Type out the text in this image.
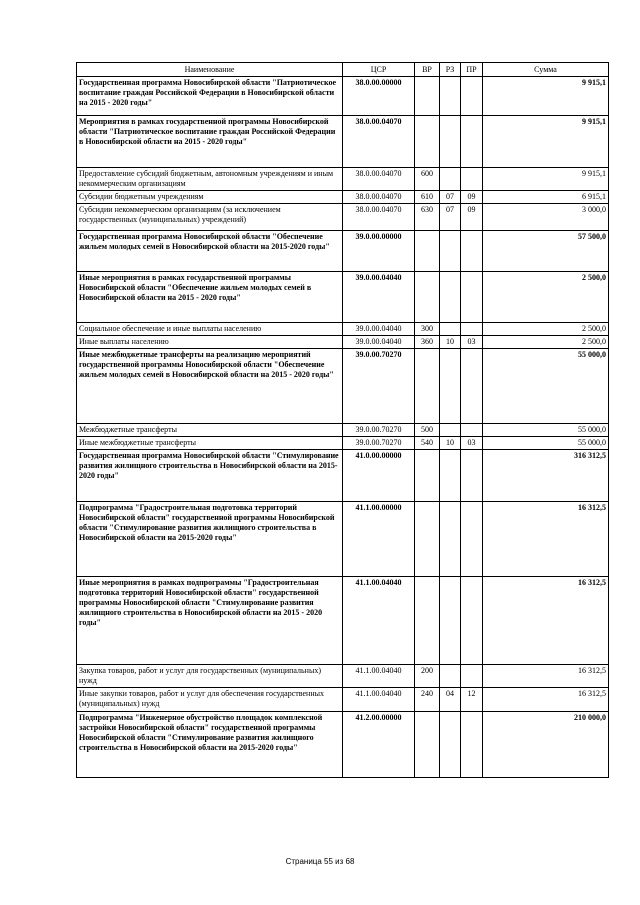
Наименование	ЦСР	ВР	РЗ	ПР	Сумма
Государственная программа Новосибирской области "Патриотическое воспитание граждан Российской Федерации в Новосибирской области на 2015 - 2020 годы"	38.0.00.00000				9 915,1
Мероприятия в рамках государственной программы Новосибирской области "Патриотическое воспитание граждан Российской Федерации в Новосибирской области на 2015 - 2020 годы"	38.0.00.04070				9 915,1
Предоставление субсидий бюджетным, автономным учреждениям и иным некоммерческим организациям	38.0.00.04070	600			9 915,1
Субсидии бюджетным учреждениям	38.0.00.04070	610	07	09	6 915,1
Субсидии некоммерческим организациям (за исключением государственных (муниципальных) учреждений)	38.0.00.04070	630	07	09	3 000,0
Государственная программа Новосибирской области "Обеспечение жильем молодых семей в Новосибирской области на 2015-2020 годы"	39.0.00.00000				57 500,0
Иные мероприятия в рамках государственной программы Новосибирской области "Обеспечение жильем молодых семей в Новосибирской области на 2015 - 2020 годы"	39.0.00.04040				2 500,0
Социальное обеспечение и иные выплаты населению	39.0.00.04040	300			2 500,0
Иные выплаты населению	39.0.00.04040	360	10	03	2 500,0
Иные межбюджетные трансферты на реализацию мероприятий государственной программы Новосибирской области "Обеспечение жильем молодых семей в Новосибирской области на 2015 - 2020 годы"	39.0.00.70270				55 000,0
Межбюджетные трансферты	39.0.00.70270	500			55 000,0
Иные межбюджетные трансферты	39.0.00.70270	540	10	03	55 000,0
Государственная программа Новосибирской области "Стимулирование развития жилищного строительства в Новосибирской области на 2015-2020 годы"	41.0.00.00000				316 312,5
Подпрограмма "Градостроительная подготовка территорий Новосибирской области" государственной программы Новосибирской области "Стимулирование развития жилищного строительства в Новосибирской области на 2015-2020 годы"	41.1.00.00000				16 312,5
Иные мероприятия в рамках подпрограммы "Градостроительная подготовка территорий Новосибирской области" государственной программы Новосибирской области "Стимулирование развития жилищного строительства в Новосибирской области на 2015 - 2020 годы"	41.1.00.04040				16 312,5
Закупка товаров, работ и услуг для государственных (муниципальных) нужд	41.1.00.04040	200			16 312,5
Иные закупки товаров, работ и услуг для обеспечения государственных (муниципальных) нужд	41.1.00.04040	240	04	12	16 312,5
Подпрограмма "Инженерное обустройство площадок комплексной застройки Новосибирской области" государственной программы Новосибирской области "Стимулирование развития жилищного строительства в Новосибирской области на 2015-2020 годы"	41.2.00.00000				210 000,0
Страница 55 из 68
